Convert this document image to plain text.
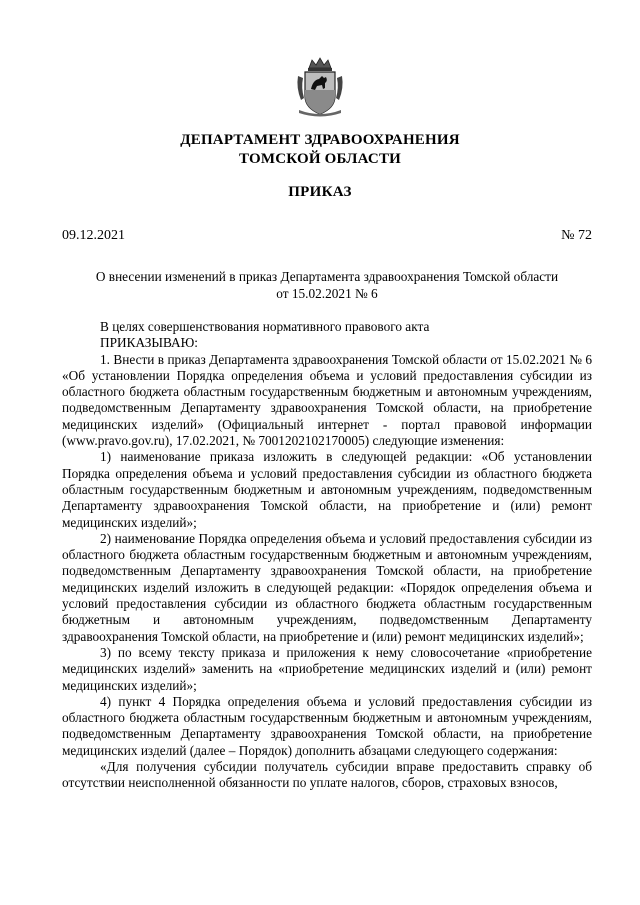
ДЕПАРТАМЕНТ ЗДРАВООХРАНЕНИЯ
ТОМСКОЙ ОБЛАСТИ
ПРИКАЗ
09.12.2021	№ 72
О внесении изменений в приказ Департамента здравоохранения Томской области
от 15.02.2021 № 6

В целях совершенствования нормативного правового акта

ПРИКАЗЫВАЮ:

1. Внести в приказ Департамента здравоохранения Томской области от 15.02.2021 № 6 «Об установлении Порядка определения объема и условий предоставления субсидии из областного бюджета областным государственным бюджетным и автономным учреждениям, подведомственным Департаменту здравоохранения Томской области, на приобретение медицинских изделий» (Официальный интернет - портал правовой информации (www.pravo.gov.ru), 17.02.2021, № 7001202102170005) следующие изменения:

1) наименование приказа изложить в следующей редакции: «Об установлении Порядка определения объема и условий предоставления субсидии из областного бюджета областным государственным бюджетным и автономным учреждениям, подведомственным Департаменту здравоохранения Томской области, на приобретение и (или) ремонт медицинских изделий»;

2) наименование Порядка определения объема и условий предоставления субсидии из областного бюджета областным государственным бюджетным и автономным учреждениям, подведомственным Департаменту здравоохранения Томской области, на приобретение медицинских изделий изложить в следующей редакции: «Порядок определения объема и условий предоставления субсидии из областного бюджета областным государственным бюджетным и автономным учреждениям, подведомственным Департаменту здравоохранения Томской области, на приобретение и (или) ремонт медицинских изделий»;

3) по всему тексту приказа и приложения к нему словосочетание «приобретение медицинских изделий» заменить на «приобретение медицинских изделий и (или) ремонт медицинских изделий»;

4) пункт 4 Порядка определения объема и условий предоставления субсидии из областного бюджета областным государственным бюджетным и автономным учреждениям, подведомственным Департаменту здравоохранения Томской области, на приобретение медицинских изделий (далее – Порядок) дополнить абзацами следующего содержания:

«Для получения субсидии получатель субсидии вправе предоставить справку об отсутствии неисполненной обязанности по уплате налогов, сборов, страховых взносов,
